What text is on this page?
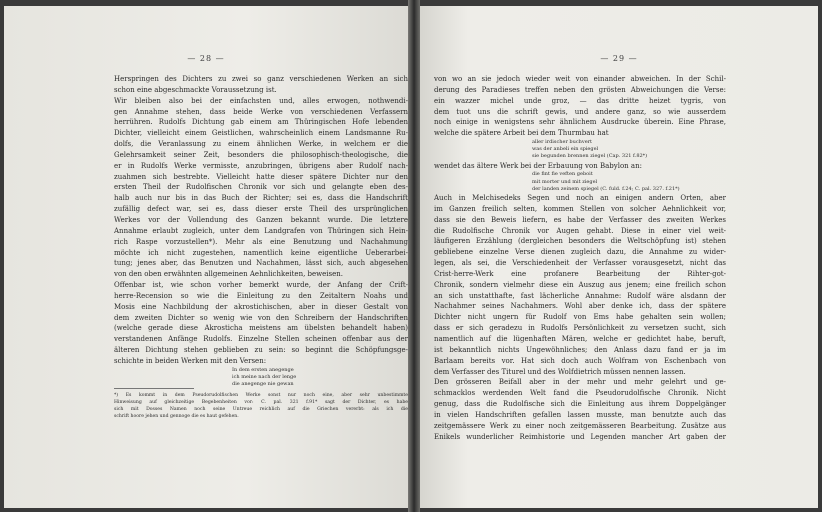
— 28 —
Herspringen des Dichters zu zwei so ganz verschiedenen Werken an sich
schon eine abgeschmackte Voraussetzung ist.
Wir bleiben also bei der einfachsten und, alles erwogen, nothwendi-
gen Annahme stehen, dass beide Werke von verschiedenen Verfassern
herrühren. Rudolfs Dichtung gab einem am Thüringischen Hofe lebenden
Dichter, vielleicht einem Geistlichen, wahrscheinlich einem Landsmanne Ru-
dolfs, die Veranlassung zu einem ähnlichen Werke, in welchem er die
Gelehrsamkeit seiner Zeit, besonders die philosophisch-theologische, die
er in Rudolfs Werke vermisste, anzubringen, übrigens aber Rudolf nach-
zuahmen sich bestrebte. Vielleicht hatte dieser spätere Dichter nur den
ersten Theil der Rudolfischen Chronik vor sich und gelangte eben des-
halb auch nur bis in das Buch der Richter; sei es, dass die Handschrift
zufällig defect war, sei es, dass dieser erste Theil des ursprünglichen
Werkes vor der Vollendung des Ganzen bekannt wurde. Die letztere
Annahme erlaubt zugleich, unter dem Landgrafen von Thüringen sich Hein-
rich Raspe vorzustellen*). Mehr als eine Benutzung und Nachahmung
möchte ich nicht zugestehen, namentlich keine eigentliche Ueberarbei-
tung; jenes aber, das Benutzen und Nachahmen, lässt sich, auch abgesehen
von den oben erwähnten allgemeinen Aehnlichkeiten, beweisen.
Offenbar ist, wie schon vorher bemerkt wurde, der Anfang der Crift-
herre-Recension so wie die Einleitung zu den Zeitaltern Noahs und
Mosis eine Nachbildung der akrostichischen, aber in dieser Gestalt von
dem zweiten Dichter so wenig wie von den Schreibern der Handschriften
(welche gerade diese Akrosticha meistens am übelsten behandelt haben)
verstandenen Anfänge Rudolfs. Einzelne Stellen scheinen offenbar aus der
älteren Dichtung stehen geblieben zu sein: so beginnt die Schöpfungsge-
schichte in beiden Werken mit den Versen:
In dem ersten anegenge
ich meine nach der lenge
die anegenge nie gewan
*) Es kommt in dem Pseudorudolfischen Werke sonst nur noch eine, aber sehr unbestimmte
Hinweisung auf gleichzeitige Begebenheiten vor: C. pal. 321 f.91* sagt der Dichter, es habe
sich mit Dosses Namen noch seine Untreue reichlich auf die Griechen vererbt: als ich die
schrift hoore jehen und gennoge die es haut gefehen.
— 29 —
von wo an sie jedoch wieder weit von einander abweichen. In der Schil-
derung des Paradieses treffen neben den grösten Abweichungen die Verse:
ein wazzer michel unde groz, — das dritte heizet tygris, von
dem tuot uns die schrift gewis, und andere ganz, so wie ausserdem
noch einige in wenigstens sehr ähnlichem Ausdrucke überein. Eine Phrase,
welche die spätere Arbeit bei dem Thurmbau hat
aller irdischer buchvert
was der anbeli ein spiegel
sie begunden brennen ziegel (Cap. 321 f.82*)
wendet das ältere Werk bei der Erbauung von Babylon an:
die fint fie veften geboit
mit morter und mit ziegel
der landen zeinem spiegel (C. fuld. f.24; C. pal. 327. f.21*)
Auch in Melchisedeks Segen und noch an einigen andern Orten, aber
im Ganzen freilich selten, kommen Stellen von solcher Aehnlichkeit vor,
dass sie den Beweis liefern, es habe der Verfasser des zweiten Werkes
die Rudolfische Chronik vor Augen gehabt. Diese in einer viel weit-
läufigeren Erzählung (dergleichen besonders die Weltschöpfung ist) stehen
gebliebene einzelne Verse dienen zugleich dazu, die Annahme zu wider-
legen, als sei, die Verschiedenheit der Verfasser vorausgesetzt, nicht das
Crist-herre-Werk eine profanere Bearbeitung der Rihter-got-
Chronik, sondern vielmehr diese ein Auszug aus jenem; eine freilich schon
an sich unstatthafte, fast lächerliche Annahme: Rudolf wäre alsdann der
Nachahmer seines Nachahmers. Wohl aber denke ich, dass der spätere
Dichter nicht ungern für Rudolf von Ems habe gehalten sein wollen;
dass er sich geradezu in Rudolfs Persönlichkeit zu versetzen sucht, sich
namentlich auf die lügenhaften Mären, welche er gedichtet habe, beruft,
ist bekanntlich nichts Ungewöhnliches; den Anlass dazu fand er ja im
Barlaam bereits vor. Hat sich doch auch Wolfram von Eschenbach von
dem Verfasser des Titurel und des Wolfdietrich müssen nennen lassen.
Den grösseren Beifall aber in der mehr und mehr gelehrt und ge-
schmacklos werdenden Welt fand die Pseudorudolfische Chronik. Nicht
genug, dass die Rudolfische sich die Einleitung aus ihrem Doppelgänger
in vielen Handschriften gefallen lassen musste, man benutzte auch das
zeitgemässere Werk zu einer noch zeitgemässeren Bearbeitung. Zusätze aus
Enikels wunderlicher Reimhistorie und Legenden mancher Art gaben der
